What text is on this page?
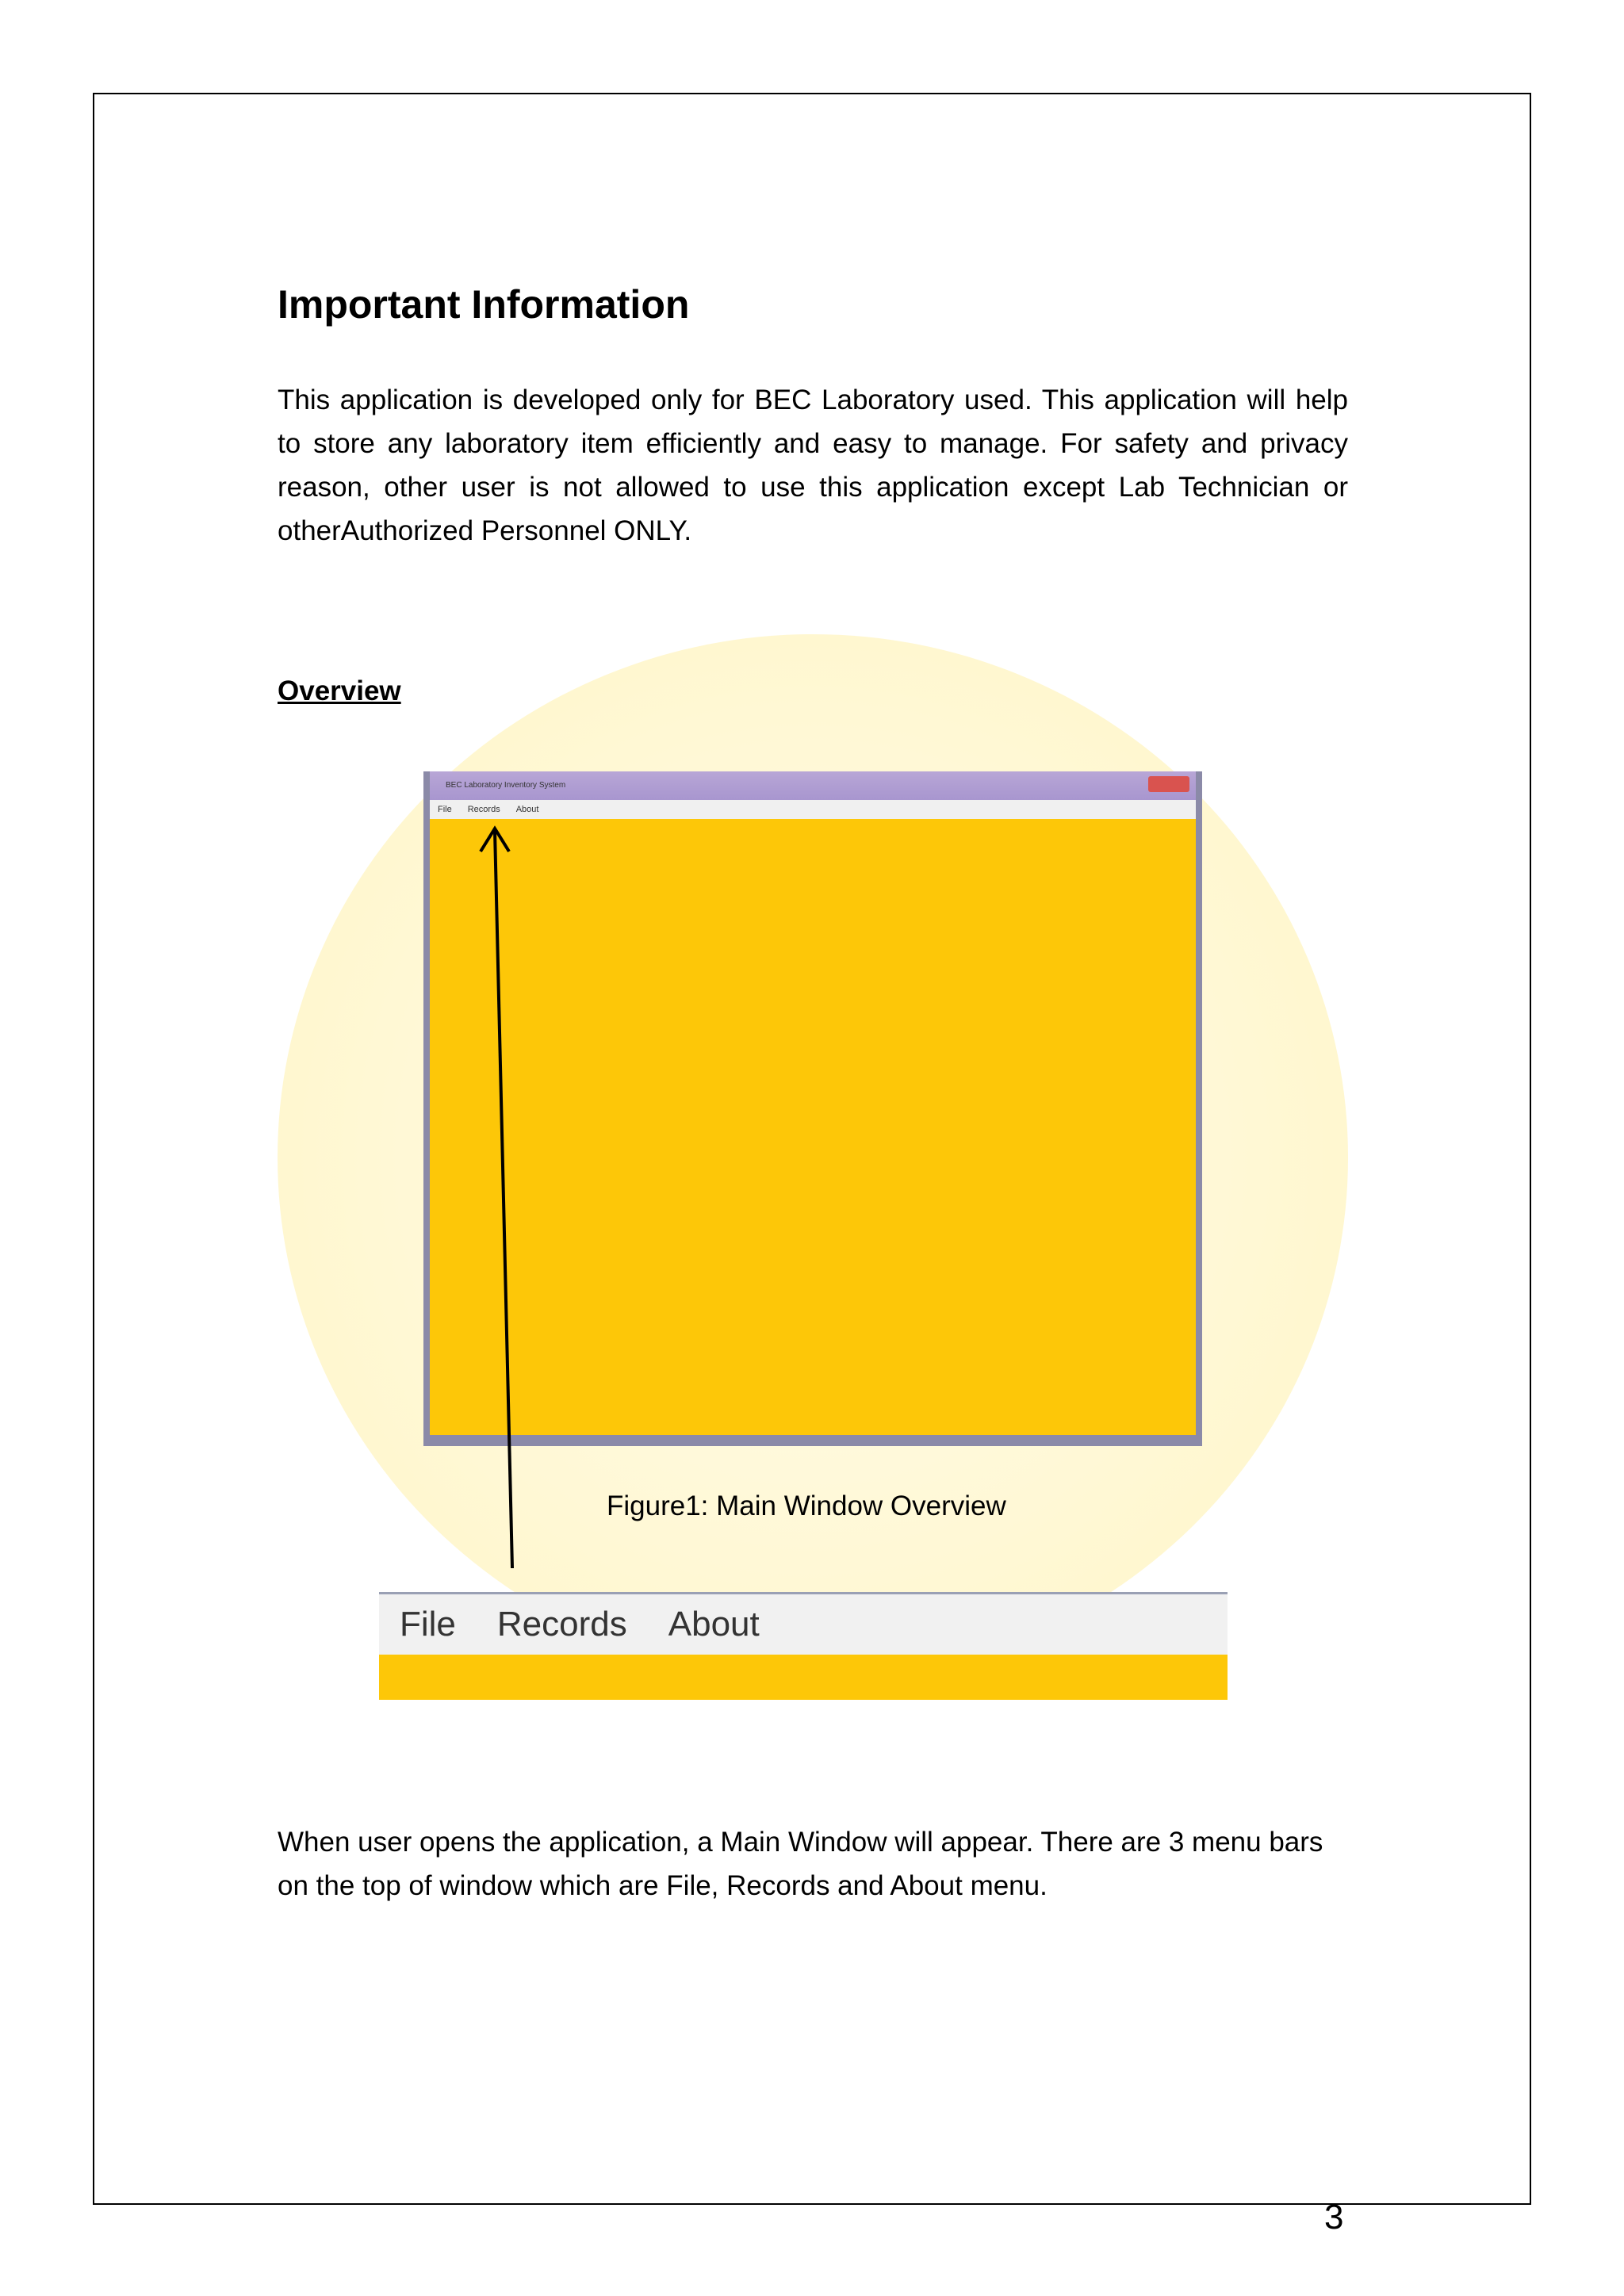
Important Information

This application is developed only for BEC Laboratory used. This application will help to store any laboratory item efficiently and easy to manage. For safety and privacy reason, other user is not allowed to use this application except Lab Technician or otherAuthorized Personnel ONLY.

Overview

BEC Laboratory Inventory System
File Records About

Figure1: Main Window Overview

File Records About

When user opens the application, a Main Window will appear. There are 3 menu bars on the top of window which are File, Records and About menu.

3
